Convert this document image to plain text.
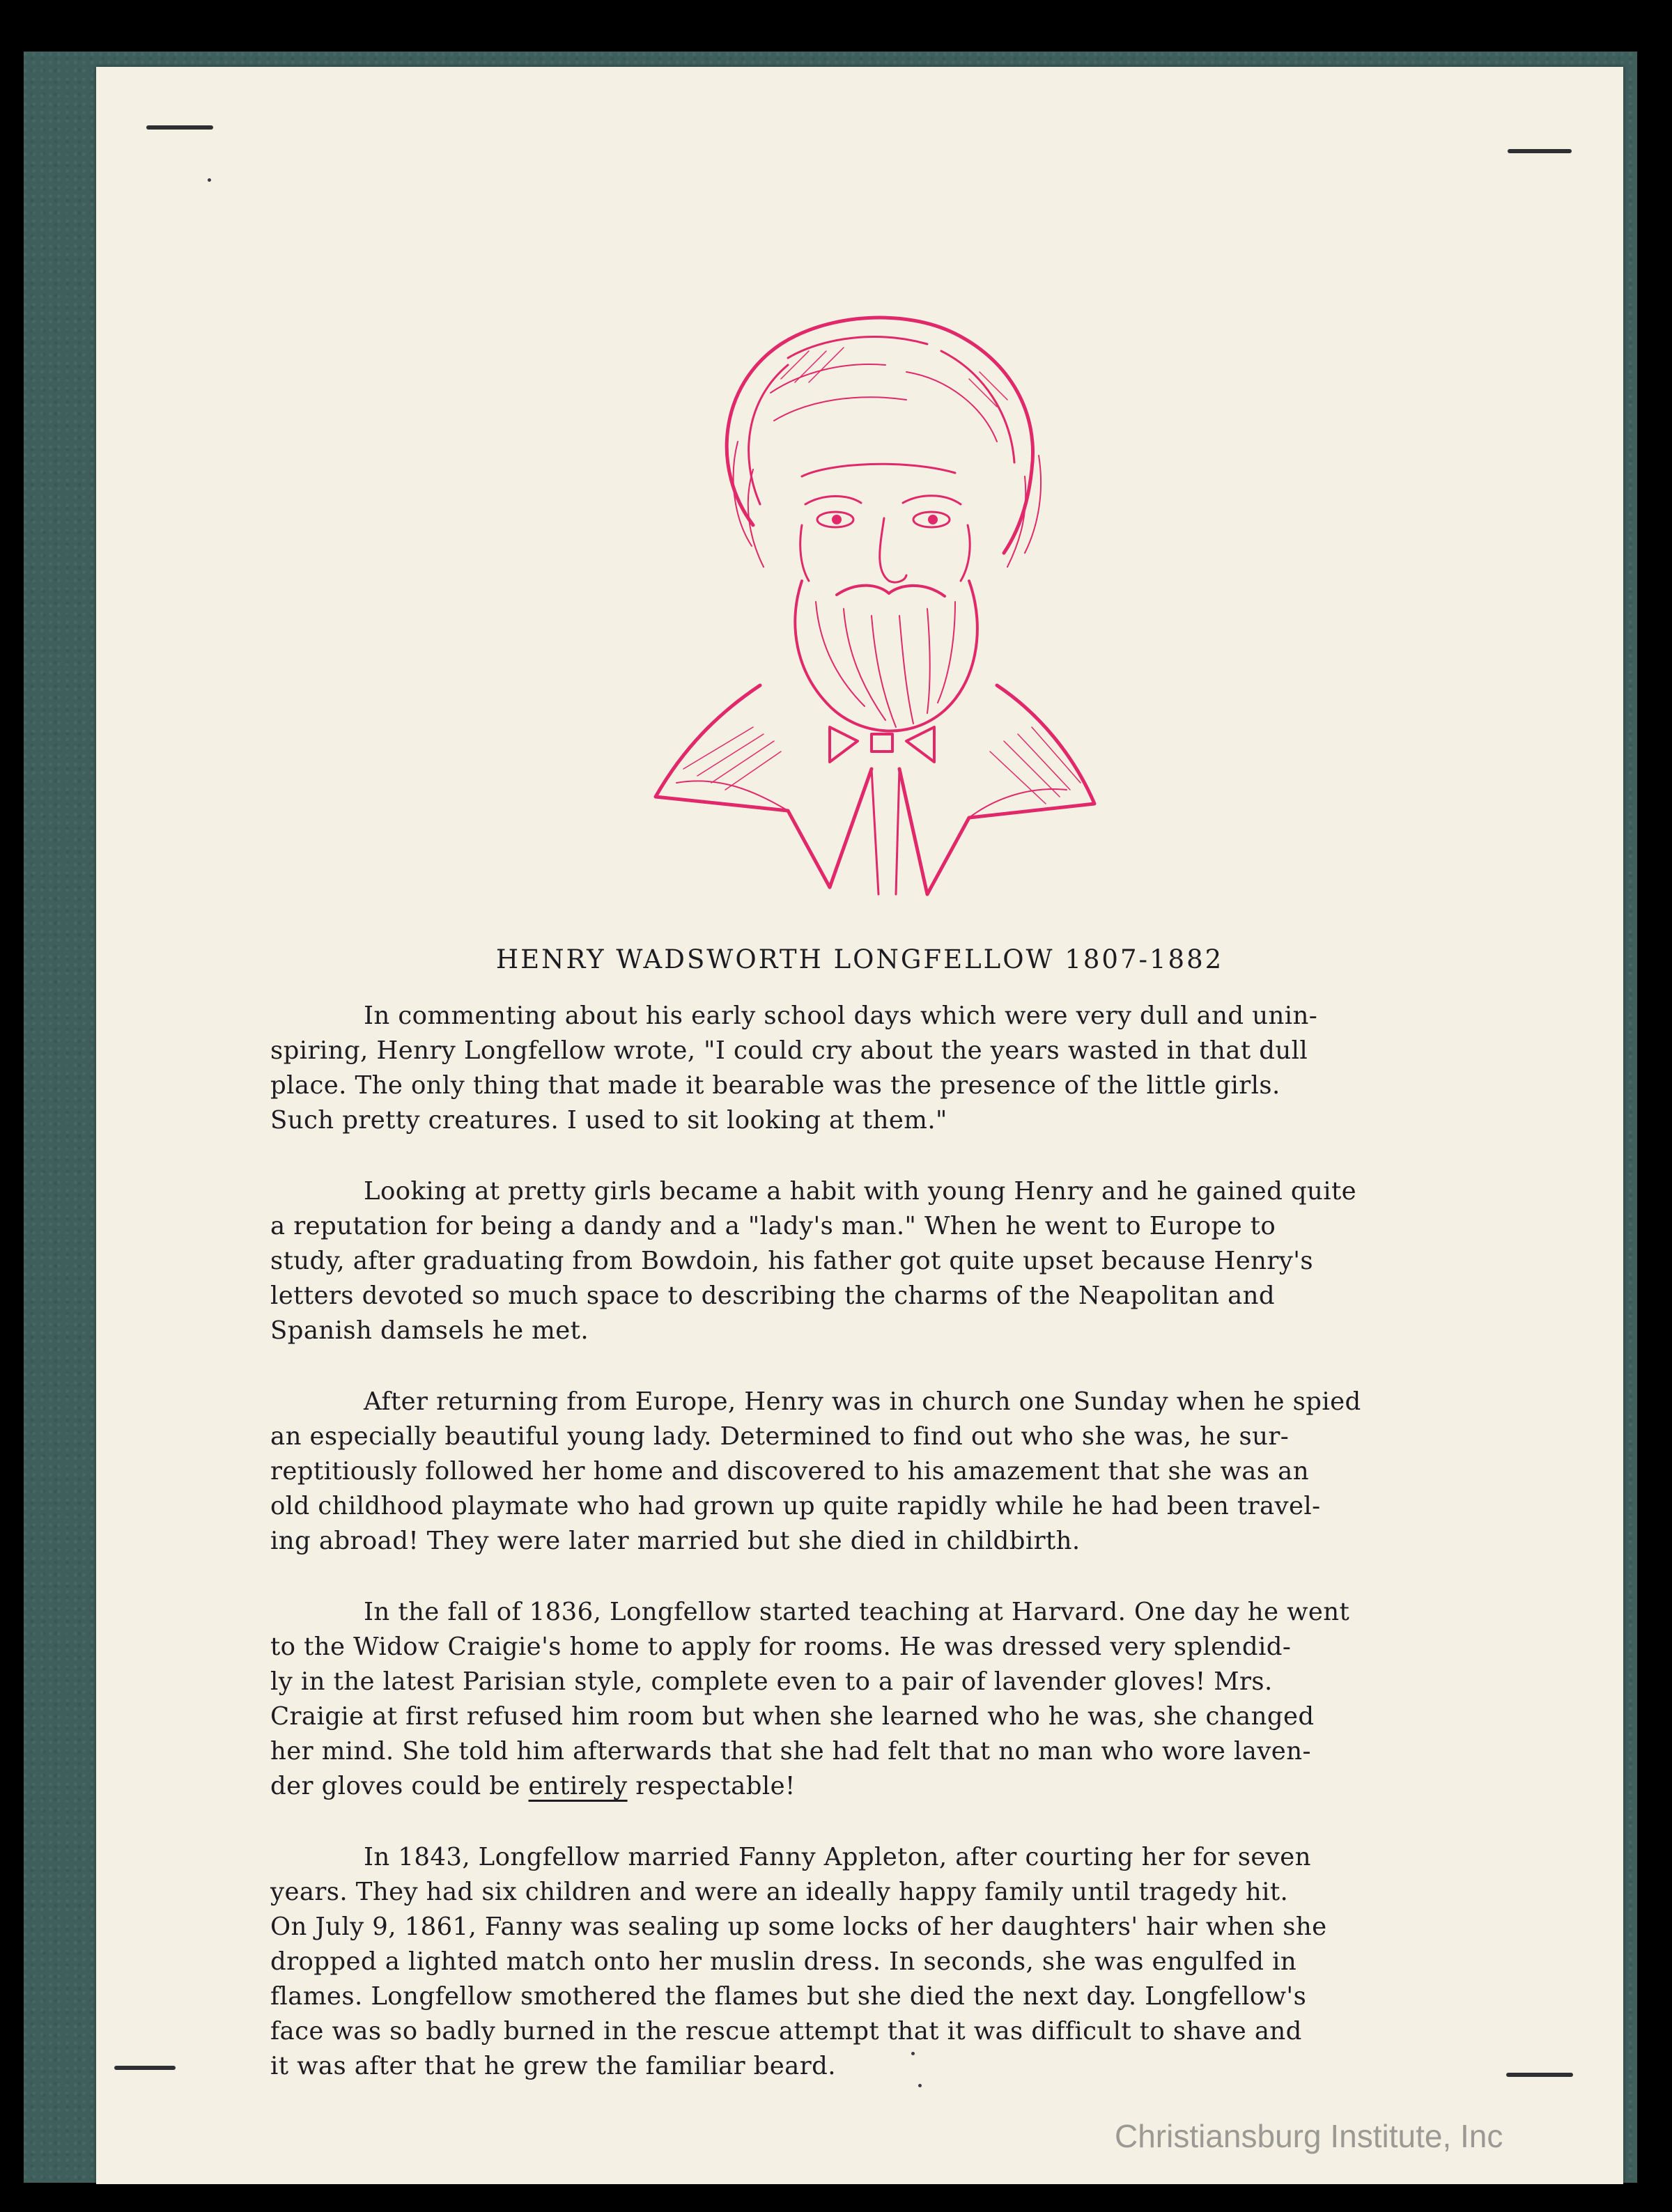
HENRY WADSWORTH LONGFELLOW 1807-1882
In commenting about his early school days which were very dull and unin-
spiring, Henry Longfellow wrote, "I could cry about the years wasted in that dull
place. The only thing that made it bearable was the presence of the little girls.
Such pretty creatures. I used to sit looking at them."
Looking at pretty girls became a habit with young Henry and he gained quite
a reputation for being a dandy and a "lady's man." When he went to Europe to
study, after graduating from Bowdoin, his father got quite upset because Henry's
letters devoted so much space to describing the charms of the Neapolitan and
Spanish damsels he met.
After returning from Europe, Henry was in church one Sunday when he spied
an especially beautiful young lady. Determined to find out who she was, he sur-
reptitiously followed her home and discovered to his amazement that she was an
old childhood playmate who had grown up quite rapidly while he had been travel-
ing abroad! They were later married but she died in childbirth.
In the fall of 1836, Longfellow started teaching at Harvard. One day he went
to the Widow Craigie's home to apply for rooms. He was dressed very splendid-
ly in the latest Parisian style, complete even to a pair of lavender gloves! Mrs.
Craigie at first refused him room but when she learned who he was, she changed
her mind. She told him afterwards that she had felt that no man who wore laven-
der gloves could be entirely respectable!
In 1843, Longfellow married Fanny Appleton, after courting her for seven
years. They had six children and were an ideally happy family until tragedy hit.
On July 9, 1861, Fanny was sealing up some locks of her daughters' hair when she
dropped a lighted match onto her muslin dress. In seconds, she was engulfed in
flames. Longfellow smothered the flames but she died the next day. Longfellow's
face was so badly burned in the rescue attempt that it was difficult to shave and
it was after that he grew the familiar beard.
Christiansburg Institute, Inc
